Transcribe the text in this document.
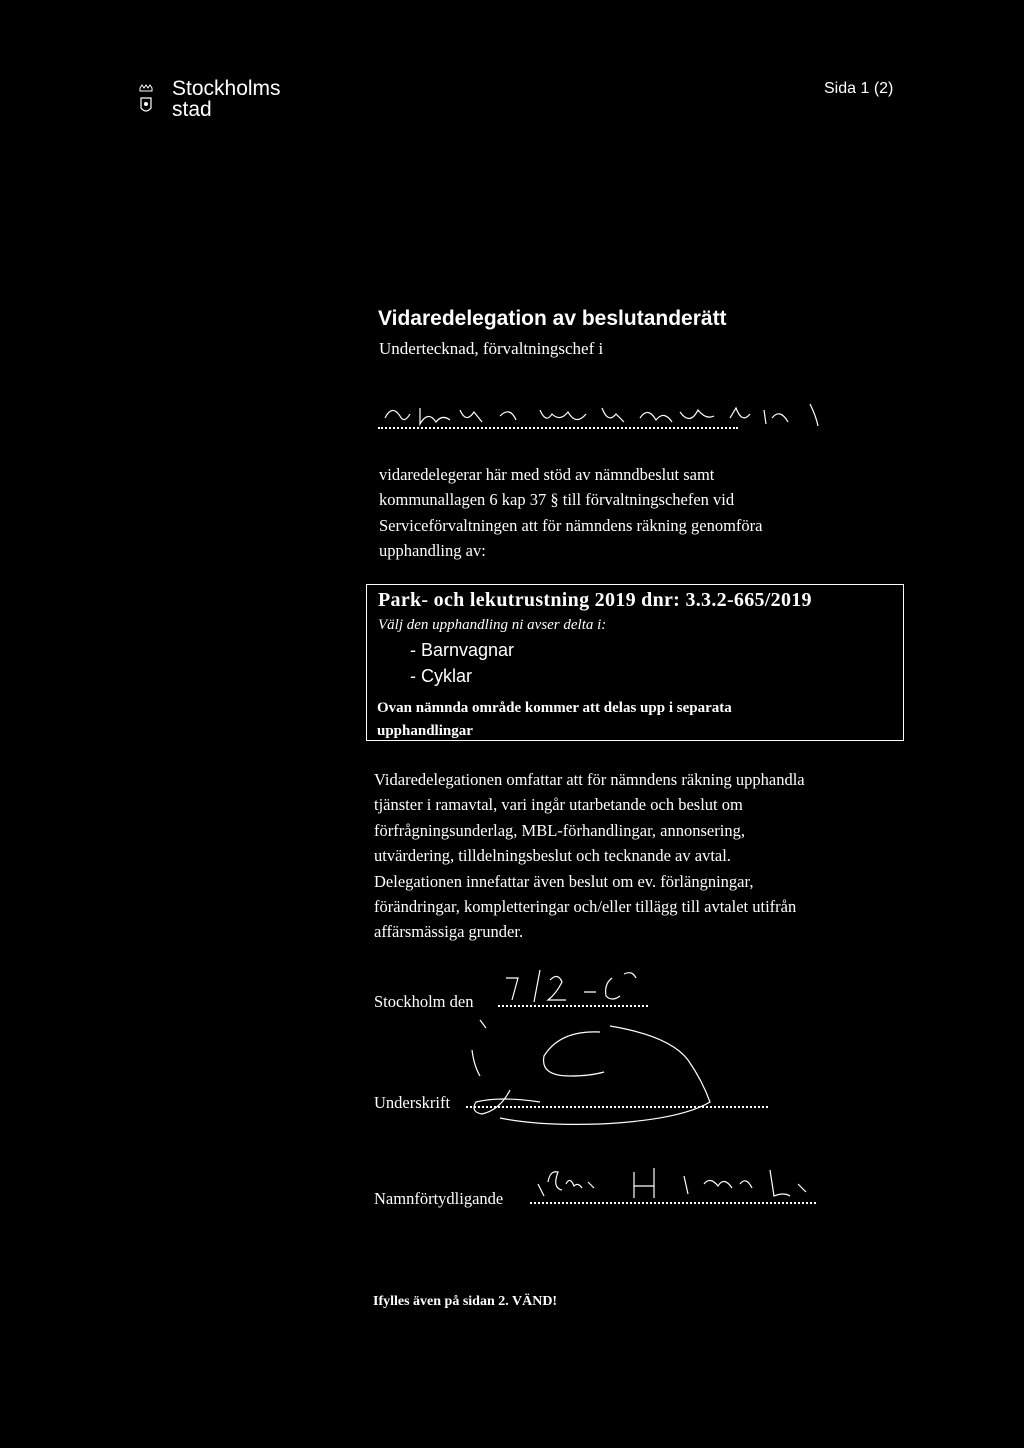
Stockholms
stad
Sida 1 (2)
Vidaredelegation av beslutanderätt
Undertecknad, förvaltningschef i
vidaredelegerar här med stöd av nämndbeslut samt
kommunallagen 6 kap 37 § till förvaltningschefen vid
Serviceförvaltningen att för nämndens räkning genomföra
upphandling av:
Park- och lekutrustning 2019 dnr: 3.3.2-665/2019
Välj den upphandling ni avser delta i:
- Barnvagnar
- Cyklar
Ovan nämnda område kommer att delas upp i separata
upphandlingar
Vidaredelegationen omfattar att för nämndens räkning upphandla
tjänster i ramavtal, vari ingår utarbetande och beslut om
förfrågningsunderlag, MBL-förhandlingar, annonsering,
utvärdering, tilldelningsbeslut och tecknande av avtal.
Delegationen innefattar även beslut om ev. förlängningar,
förändringar, kompletteringar och/eller tillägg till avtalet utifrån
affärsmässiga grunder.
Stockholm den
Underskrift
Namnförtydligande
Ifylles även på sidan 2. VÄND!
